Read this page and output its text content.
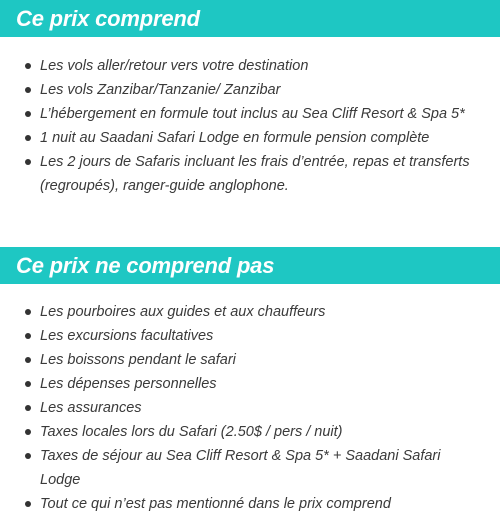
Ce prix comprend
Les vols aller/retour vers votre destination
Les vols Zanzibar/Tanzanie/ Zanzibar
L’hébergement en formule tout inclus au Sea Cliff Resort & Spa 5*
1 nuit au Saadani Safari Lodge en formule pension complète
Les 2 jours de Safaris incluant les frais d’entrée, repas et transferts (regroupés), ranger-guide anglophone.
Ce prix ne comprend pas
Les pourboires aux guides et aux chauffeurs
Les excursions facultatives
Les boissons pendant le safari
Les dépenses personnelles
Les assurances
Taxes locales lors du Safari (2.50$ / pers / nuit)
Taxes de séjour au Sea Cliff Resort & Spa 5* + Saadani Safari Lodge
Tout ce qui n’est pas mentionné dans le prix comprend
